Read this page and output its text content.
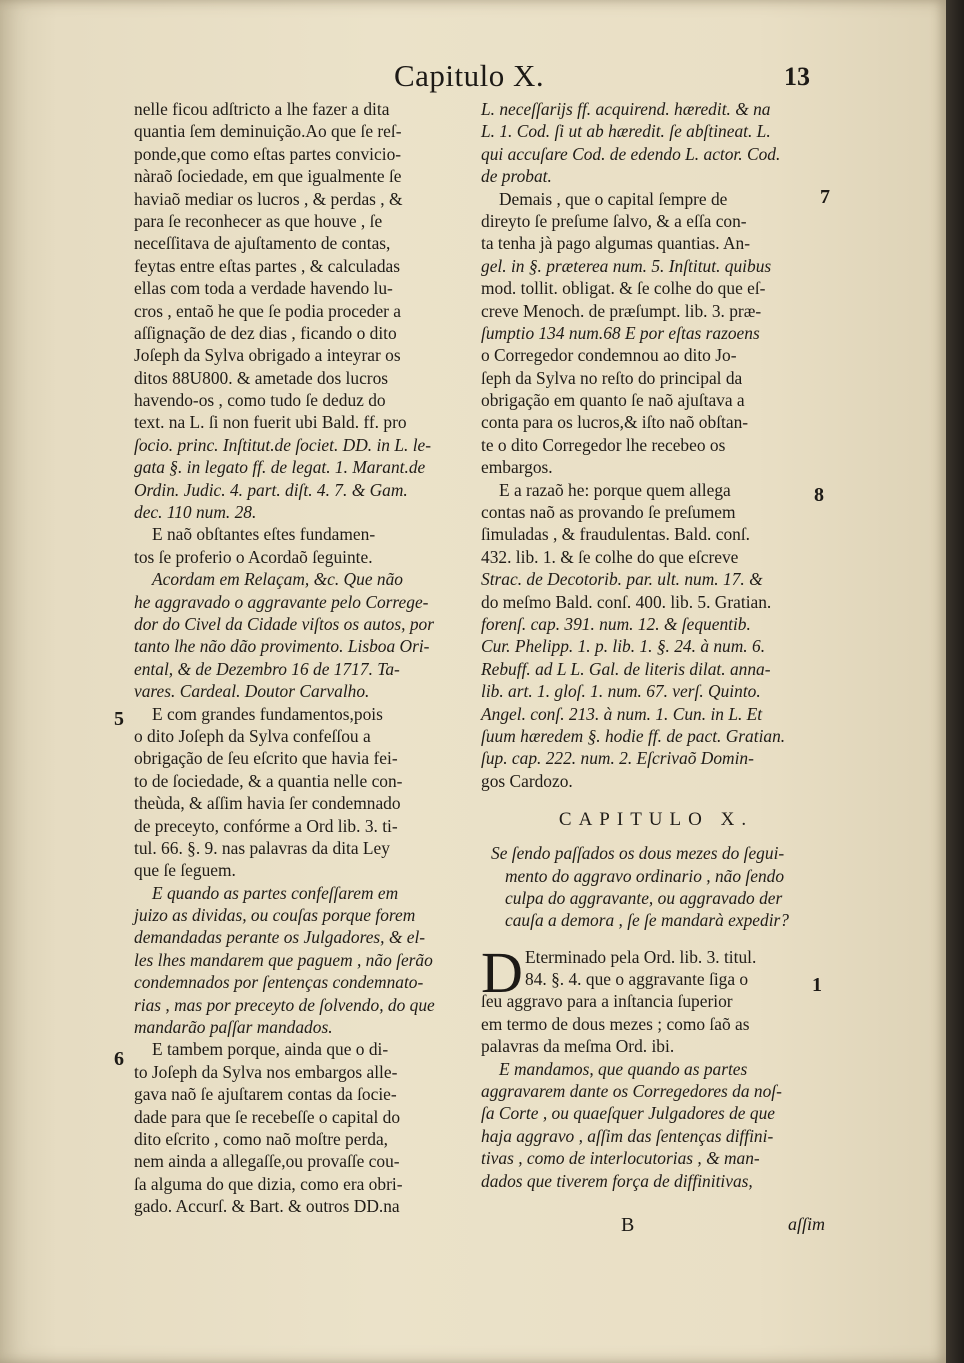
Capitulo X.	13
nelle ficou adſtricto a lhe fazer a dita
quantia ſem deminuição.Ao que ſe reſ-
ponde,que como eſtas partes convicio-
nàraõ ſociedade, em que igualmente ſe
haviaõ mediar os lucros , & perdas , &
para ſe reconhecer as que houve , ſe
neceſſitava de ajuſtamento de contas,
feytas entre eſtas partes , & calculadas
ellas com toda a verdade havendo lu-
cros , entaõ he que ſe podia proceder a
aſſignação de dez dias , ficando o dito
Joſeph da Sylva obrigado a inteyrar os
ditos 88U800. & ametade dos lucros
havendo-os , como tudo ſe deduz do
text. na L. ſi non fuerit ubi Bald. ff. pro
ſocio. princ. Inſtitut.de ſociet. DD. in L. le-
gata §. in legato ff. de legat. 1. Marant.de
Ordin. Judic. 4. part. diſt. 4. 7. & Gam.
dec. 110 num. 28.
E naõ obſtantes eſtes fundamen-
tos ſe proferio o Acordaõ ſeguinte.
Acordam em Relaçam, &c. Que não
he aggravado o aggravante pelo Correge-
dor do Civel da Cidade viſtos os autos, por
tanto lhe não dão provimento. Lisboa Ori-
ental, & de Dezembro 16 de 1717. Ta-
vares. Cardeal. Doutor Carvalho.
E com grandes fundamentos,pois
o dito Joſeph da Sylva confeſſou a
obrigação de ſeu eſcrito que havia fei-
to de ſociedade, & a quantia nelle con-
theùda, & aſſim havia ſer condemnado
de preceyto, confórme a Ord lib. 3. ti-
tul. 66. §. 9. nas palavras da dita Ley
que ſe ſeguem.
E quando as partes confeſſarem em
juizo as dividas, ou couſas porque forem
demandadas perante os Julgadores, & el-
les lhes mandarem que paguem , não ſerão
condemnados por ſentenças condemnato-
rias , mas por preceyto de ſolvendo, do que
mandarão paſſar mandados.
E tambem porque, ainda que o di-
to Joſeph da Sylva nos embargos alle-
gava naõ ſe ajuſtarem contas da ſocie-
dade para que ſe recebeſſe o capital do
dito eſcrito , como naõ moſtre perda,
nem ainda a allegaſſe,ou provaſſe cou-
ſa alguma do que dizia, como era obri-
gado. Accurſ. & Bart. & outros DD.na
L. neceſſarijs ff. acquirend. hæredit. & na
L. 1. Cod. ſi ut ab hæredit. ſe abſtineat. L.
qui accuſare Cod. de edendo L. actor. Cod.
de probat.
Demais , que o capital ſempre de
direyto ſe preſume ſalvo, & a eſſa con-
ta tenha jà pago algumas quantias. An-
gel. in §. præterea num. 5. Inſtitut. quibus
mod. tollit. obligat. & ſe colhe do que eſ-
creve Menoch. de præſumpt. lib. 3. præ-
ſumptio 134 num.68 E por eſtas razoens
o Corregedor condemnou ao dito Jo-
ſeph da Sylva no reſto do principal da
obrigação em quanto ſe naõ ajuſtava a
conta para os lucros,& iſto naõ obſtan-
te o dito Corregedor lhe recebeo os
embargos.
E a razaõ he: porque quem allega
contas naõ as provando ſe preſumem
ſimuladas , & fraudulentas. Bald. conſ.
432. lib. 1. & ſe colhe do que eſcreve
Strac. de Decotorib. par. ult. num. 17. &
do meſmo Bald. conſ. 400. lib. 5. Gratian.
forenſ. cap. 391. num. 12. & ſequentib.
Cur. Phelipp. 1. p. lib. 1. §. 24. à num. 6.
Rebuff. ad L L. Gal. de literis dilat. anna-
lib. art. 1. gloſ. 1. num. 67. verſ. Quinto.
Angel. conſ. 213. à num. 1. Cun. in L. Et
ſuum hæredem §. hodie ff. de pact. Gratian.
ſup. cap. 222. num. 2. Eſcrivaõ Domin-
gos Cardozo.
CAPITULO X.
Se ſendo paſſados os dous mezes do ſegui-
mento do aggravo ordinario , não ſendo
culpa do aggravante, ou aggravado der
cauſa a demora , ſe ſe mandarà expedir?
D Eterminado pela Ord. lib. 3. titul.
84. §. 4. que o aggravante ſiga o
ſeu aggravo para a inſtancia ſuperior
em termo de dous mezes ; como ſaõ as
palavras da meſma Ord. ibi.
E mandamos, que quando as partes
aggravarem dante os Corregedores da noſ-
ſa Corte , ou quaeſquer Julgadores de que
haja aggravo , aſſim das ſentenças diffini-
tivas , como de interlocutorias , & man-
dados que tiverem força de diffinitivas,
5
6
7
8
1
B	aſſim
